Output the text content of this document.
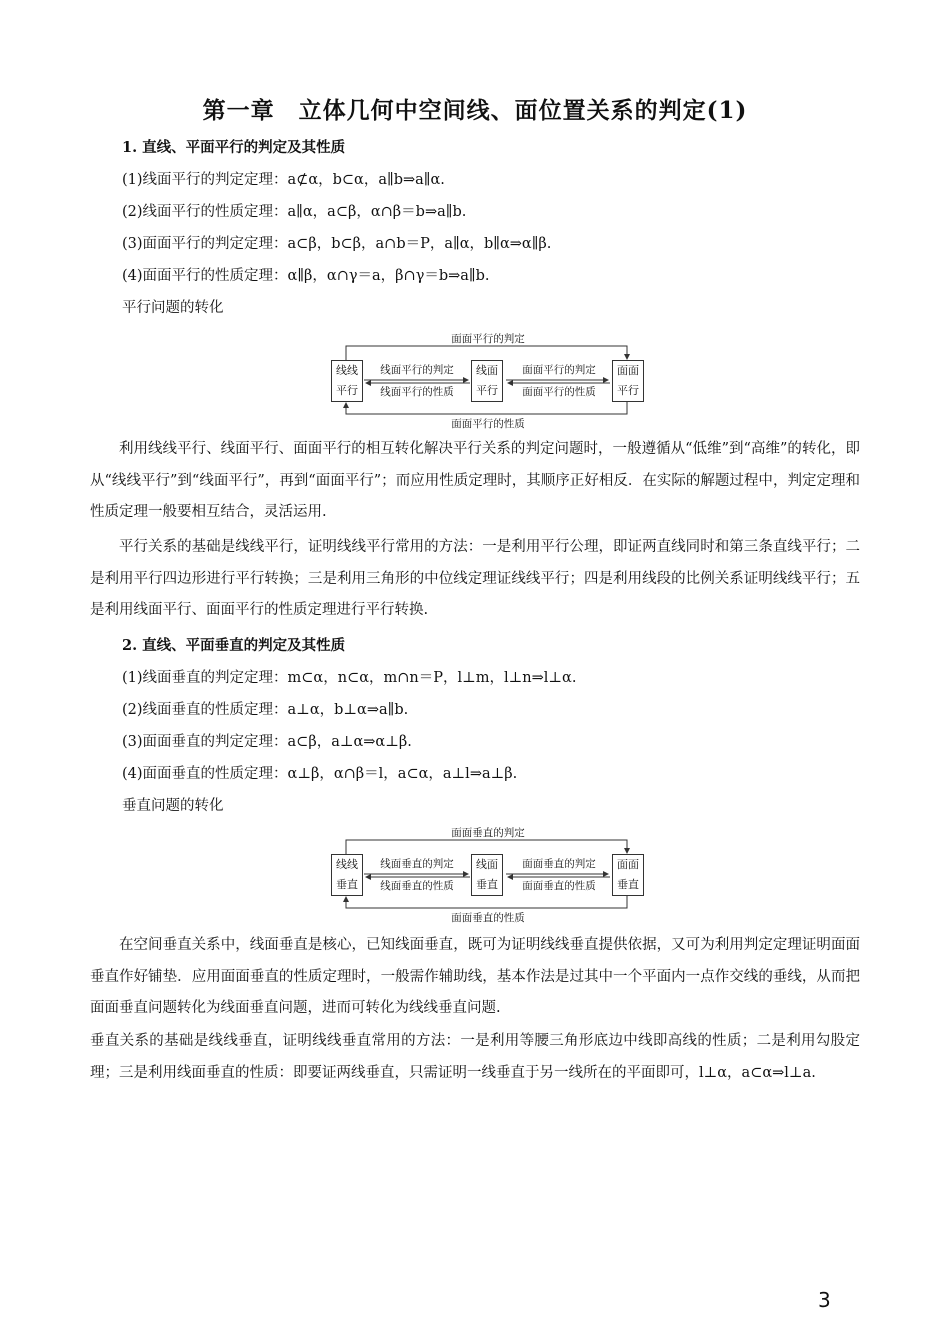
第一章　立体几何中空间线、面位置关系的判定(1)
1. 直线、平面平行的判定及其性质
(1)线面平行的判定定理：a⊄α，b⊂α，a∥b⇒a∥α.
(2)线面平行的性质定理：a∥α，a⊂β，α∩β＝b⇒a∥b.
(3)面面平行的判定定理：a⊂β，b⊂β，a∩b＝P，a∥α，b∥α⇒α∥β.
(4)面面平行的性质定理：α∥β，α∩γ＝a，β∩γ＝b⇒a∥b.
平行问题的转化
面面平行的判定
面面平行的性质
线线
平行
线面
平行
面面
平行
线面平行的判定
线面平行的性质
面面平行的判定
面面平行的性质
利用线线平行、线面平行、面面平行的相互转化解决平行关系的判定问题时，一般遵循从“低维”到“高维”的转化，即从“线线平行”到“线面平行”，再到“面面平行”；而应用性质定理时，其顺序正好相反．在实际的解题过程中，判定定理和性质定理一般要相互结合，灵活运用.
平行关系的基础是线线平行，证明线线平行常用的方法：一是利用平行公理，即证两直线同时和第三条直线平行；二是利用平行四边形进行平行转换；三是利用三角形的中位线定理证线线平行；四是利用线段的比例关系证明线线平行；五是利用线面平行、面面平行的性质定理进行平行转换.
2. 直线、平面垂直的判定及其性质
(1)线面垂直的判定定理：m⊂α，n⊂α，m∩n＝P，l⊥m，l⊥n⇒l⊥α.
(2)线面垂直的性质定理：a⊥α，b⊥α⇒a∥b.
(3)面面垂直的判定定理：a⊂β，a⊥α⇒α⊥β.
(4)面面垂直的性质定理：α⊥β，α∩β＝l，a⊂α，a⊥l⇒a⊥β.
垂直问题的转化
面面垂直的判定
面面垂直的性质
线线
垂直
线面
垂直
面面
垂直
线面垂直的判定
线面垂直的性质
面面垂直的判定
面面垂直的性质
在空间垂直关系中，线面垂直是核心，已知线面垂直，既可为证明线线垂直提供依据，又可为利用判定定理证明面面垂直作好铺垫．应用面面垂直的性质定理时，一般需作辅助线，基本作法是过其中一个平面内一点作交线的垂线，从而把面面垂直问题转化为线面垂直问题，进而可转化为线线垂直问题.
垂直关系的基础是线线垂直，证明线线垂直常用的方法：一是利用等腰三角形底边中线即高线的性质；二是利用勾股定理；三是利用线面垂直的性质：即要证两线垂直，只需证明一线垂直于另一线所在的平面即可，l⊥α，a⊂α⇒l⊥a.
3
